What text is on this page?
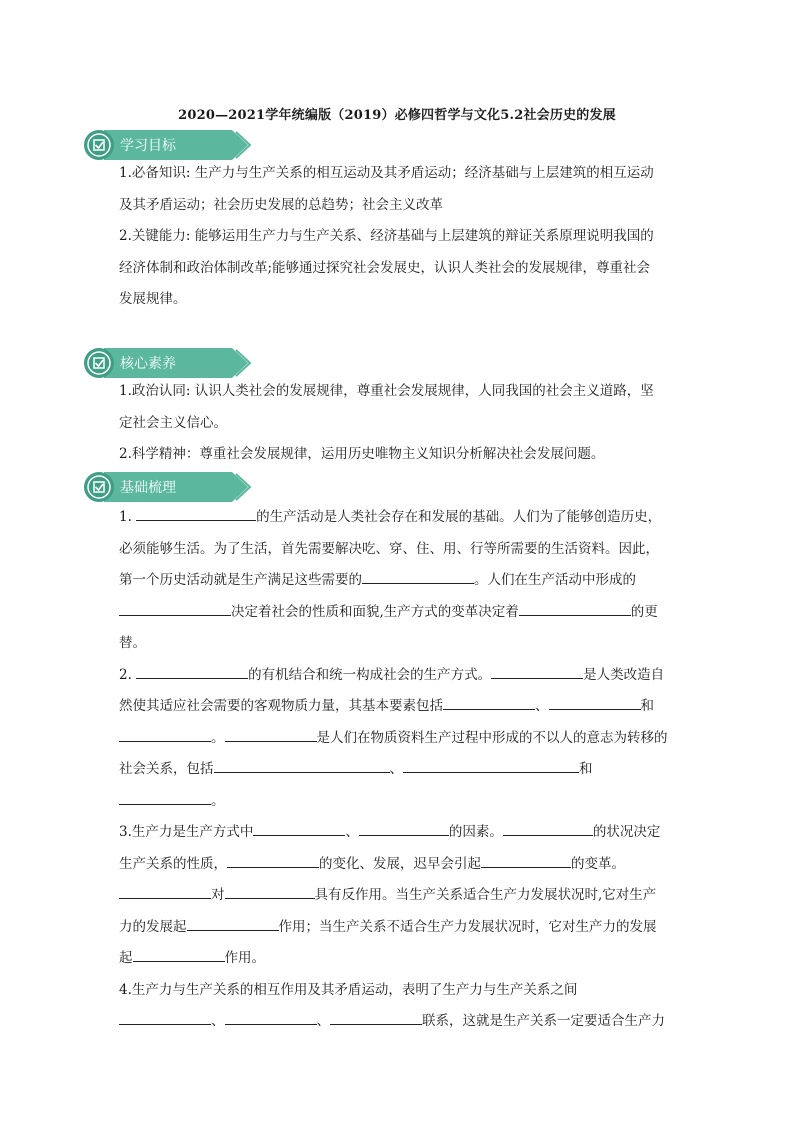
2020—2021学年统编版（2019）必修四哲学与文化5.2社会历史的发展
学习目标
1.必备知识: 生产力与生产关系的相互运动及其矛盾运动；经济基础与上层建筑的相互运动
及其矛盾运动；社会历史发展的总趋势；社会主义改革
2.关键能力: 能够运用生产力与生产关系、经济基础与上层建筑的辩证关系原理说明我国的
经济体制和政治体制改革;能够通过探究社会发展史，认识人类社会的发展规律，尊重社会
发展规律。
核心素养
1.政治认同: 认识人类社会的发展规律，尊重社会发展规律，人同我国的社会主义道路，坚
定社会主义信心。
2.科学精神：尊重社会发展规律，运用历史唯物主义知识分析解决社会发展问题。
基础梳理
1.	的生产活动是人类社会存在和发展的基础。人们为了能够创造历史，
必须能够生活。为了生活，首先需要解决吃、穿、住、用、行等所需要的生活资料。因此，
第一个历史活动就是生产满足这些需要的	。人们在生产活动中形成的
决定着社会的性质和面貌,生产方式的变革决定着	的更
替。
2.	的有机结合和统一构成社会的生产方式。	是人类改造自
然使其适应社会需要的客观物质力量，其基本要素包括	、	和
。	是人们在物质资料生产过程中形成的不以人的意志为转移的
社会关系，包括	、	和
。
3.生产力是生产方式中	、	的因素。	的状况决定
生产关系的性质，	的变化、发展，迟早会引起	的变革。
对	具有反作用。当生产关系适合生产力发展状况时,它对生产
力的发展起	作用；当生产关系不适合生产力发展状况时，它对生产力的发展
起	作用。
4.生产力与生产关系的相互作用及其矛盾运动，表明了生产力与生产关系之间
、	、	联系，这就是生产关系一定要适合生产力
